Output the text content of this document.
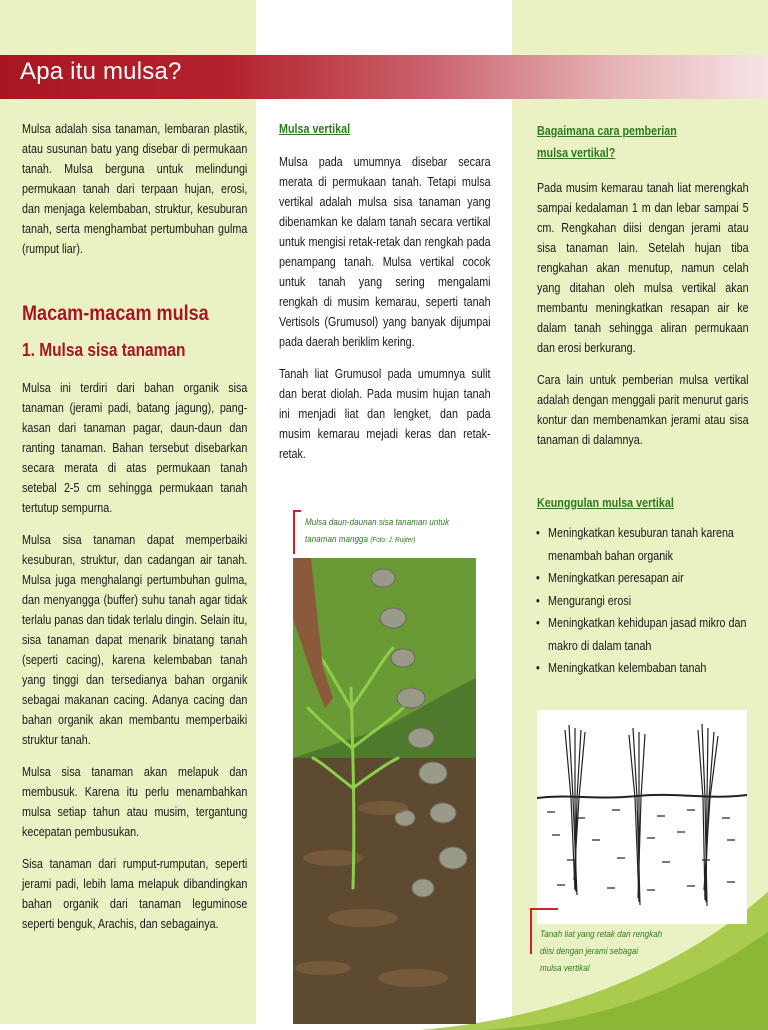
Apa itu mulsa?

Mulsa adalah sisa tanaman, lembaran plastik, atau susunan batu yang disebar di permukaan tanah. Mulsa berguna untuk melindungi permukaan tanah dari terpaan hujan, erosi, dan menjaga kelembaban, struktur, kesuburan tanah, serta menghambat pertumbuhan gulma (rumput liar).

Macam-macam mulsa
1. Mulsa sisa tanaman

Mulsa ini terdiri dari bahan organik sisa tanaman (jerami padi, batang jagung), pang-kasan dari tanaman pagar, daun-daun dan ranting tanaman. Bahan tersebut disebarkan secara merata di atas permukaan tanah setebal 2-5 cm sehingga permukaan tanah tertutup sempurna.

Mulsa sisa tanaman dapat memperbaiki kesuburan, struktur, dan cadangan air tanah. Mulsa juga menghalangi pertumbuhan gulma, dan menyangga (buffer) suhu tanah agar tidak terlalu panas dan tidak terlalu dingin. Selain itu, sisa tanaman dapat menarik binatang tanah (seperti cacing), karena kelembaban tanah yang tinggi dan tersedianya bahan organik sebagai makanan cacing. Adanya cacing dan bahan organik akan membantu memperbaiki struktur tanah.

Mulsa sisa tanaman akan melapuk dan membusuk. Karena itu perlu menambahkan mulsa setiap tahun atau musim, tergantung kecepatan pembusukan.

Sisa tanaman dari rumput-rumputan, seperti jerami padi, lebih lama melapuk dibandingkan bahan organik dari tanaman leguminose seperti benguk, Arachis, dan sebagainya.

Mulsa vertikal

Mulsa pada umumnya disebar secara merata di permukaan tanah. Tetapi mulsa vertikal adalah mulsa sisa tanaman yang dibenamkan ke dalam tanah secara vertikal untuk mengisi retak-retak dan rengkah pada penampang tanah. Mulsa vertikal cocok untuk tanah yang sering mengalami rengkah di musim kemarau, seperti tanah Vertisols (Grumusol) yang banyak dijumpai pada daerah beriklim kering.

Tanah liat Grumusol pada umumnya sulit dan berat diolah. Pada musim hujan tanah ini menjadi liat dan lengket, dan pada musim kemarau mejadi keras dan retak-retak.

Mulsa daun-daunan sisa tanaman untuk
tanaman mangga (Foto: J. Ruijter)
Bagaimana cara pemberian
mulsa vertikal?

Pada musim kemarau tanah liat merengkah sampai kedalaman 1 m dan lebar sampai 5 cm. Rengkahan diisi dengan jerami atau sisa tanaman lain. Setelah hujan tiba rengkahan akan menutup, namun celah yang ditahan oleh mulsa vertikal akan membantu meningkatkan resapan air ke dalam tanah sehingga aliran permukaan dan erosi berkurang.

Cara lain untuk pemberian mulsa vertikal adalah dengan menggali parit menurut garis kontur dan membenamkan jerami atau sisa tanaman di dalamnya.

Keunggulan mulsa vertikal
• Meningkatkan kesuburan tanah karena menambah bahan organik
• Meningkatkan peresapan air
• Mengurangi erosi
• Meningkatkan kehidupan jasad mikro dan makro di dalam tanah
• Meningkatkan kelembaban tanah
Tanah liat yang retak dan rengkah
diisi dengan jerami sebagai
mulsa vertikal
